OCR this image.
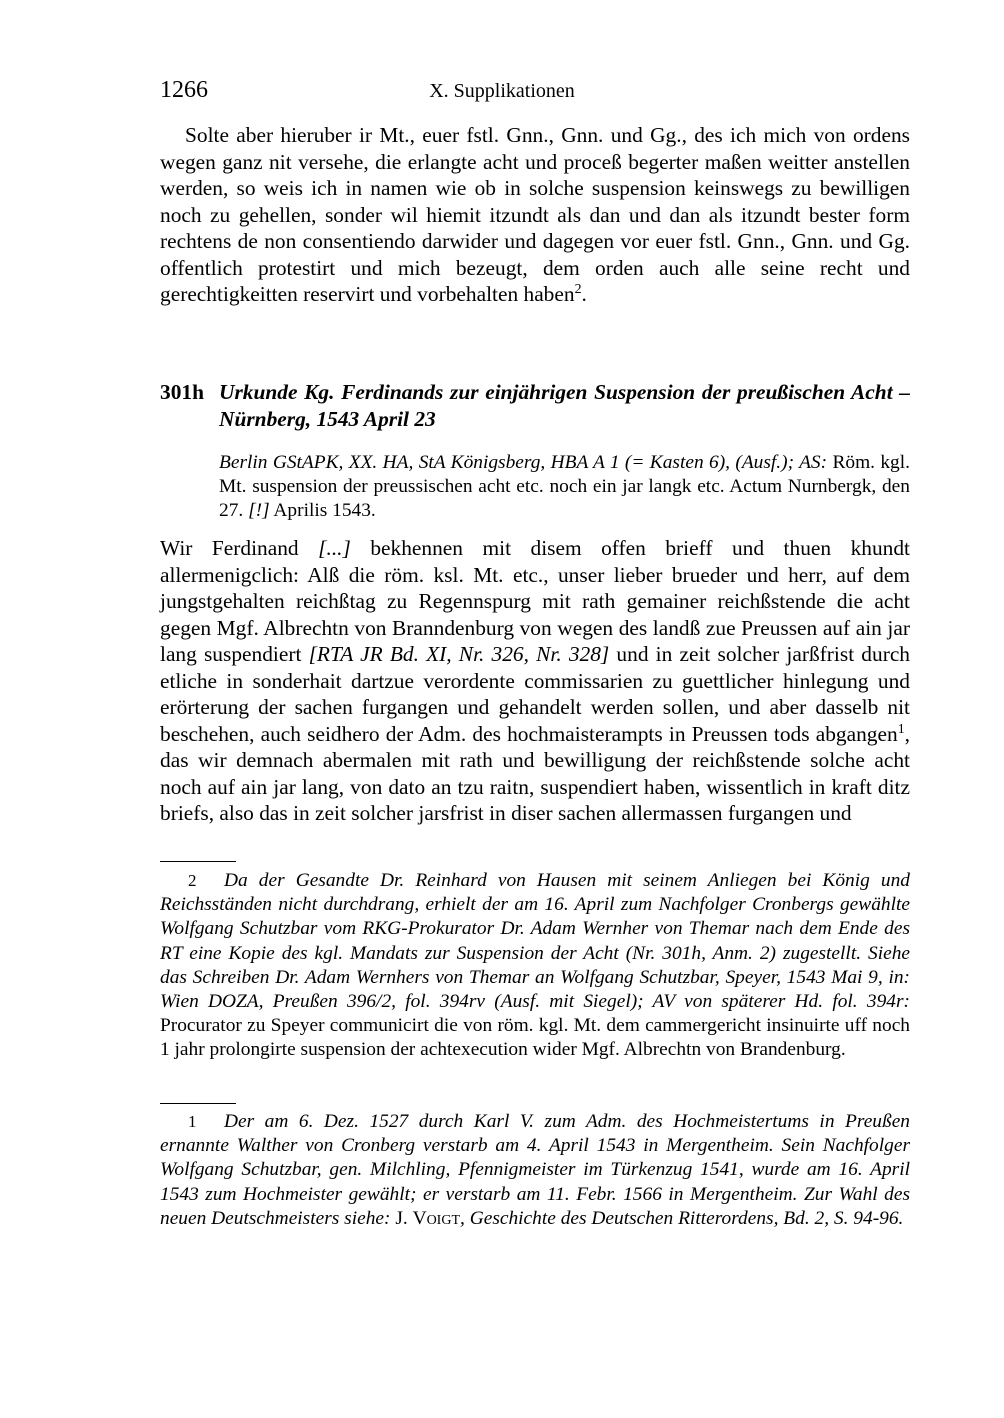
1266	X. Supplikationen

Solte aber hieruber ir Mt., euer fstl. Gnn., Gnn. und Gg., des ich mich von ordens wegen ganz nit versehe, die erlangte acht und proceß begerter maßen weitter anstellen werden, so weis ich in namen wie ob in solche suspension keinswegs zu bewilligen noch zu gehellen, sonder wil hiemit itzundt als dan und dan als itzundt bester form rechtens de non consentiendo darwider und dagegen vor euer fstl. Gnn., Gnn. und Gg. offentlich protestirt und mich bezeugt, dem orden auch alle seine recht und gerechtigkeitten reservirt und vorbehalten haben$^2$.

301h Urkunde Kg. Ferdinands zur einjährigen Suspension der preußischen Acht – Nürnberg, 1543 April 23

Berlin GStAPK, XX. HA, StA Königsberg, HBA A 1 (= Kasten 6), (Ausf.); AS: Röm. kgl. Mt. suspension der preussischen acht etc. noch ein jar langk etc. Actum Nurnbergk, den 27. [!] Aprilis 1543.

Wir Ferdinand [...] bekhennen mit disem offen brieff und thuen khundt allermenigclich: Alß die röm. ksl. Mt. etc., unser lieber brueder und herr, auf dem jungstgehalten reichßtag zu Regennspurg mit rath gemainer reichßstende die acht gegen Mgf. Albrechtn von Branndenburg von wegen des landß zue Preussen auf ain jar lang suspendiert [RTA JR Bd. XI, Nr. 326, Nr. 328] und in zeit solcher jarßfrist durch etliche in sonderhait dartzue verordente commissarien zu guettlicher hinlegung und erörterung der sachen furgangen und gehandelt werden sollen, und aber dasselb nit beschehen, auch seidhero der Adm. des hochmaisterampts in Preussen tods abgangen$^1$, das wir demnach abermalen mit rath und bewilligung der reichßstende solche acht noch auf ain jar lang, von dato an tzu raitn, suspendiert haben, wissentlich in kraft ditz briefs, also das in zeit solcher jarsfrist in diser sachen allermassen furgangen und

2 Da der Gesandte Dr. Reinhard von Hausen mit seinem Anliegen bei König und Reichsständen nicht durchdrang, erhielt der am 16. April zum Nachfolger Cronbergs gewählte Wolfgang Schutzbar vom RKG-Prokurator Dr. Adam Wernher von Themar nach dem Ende des RT eine Kopie des kgl. Mandats zur Suspension der Acht (Nr. 301h, Anm. 2) zugestellt. Siehe das Schreiben Dr. Adam Wernhers von Themar an Wolfgang Schutzbar, Speyer, 1543 Mai 9, in: Wien DOZA, Preußen 396/2, fol. 394rv (Ausf. mit Siegel); AV von späterer Hd. fol. 394r: Procurator zu Speyer communicirt die von röm. kgl. Mt. dem cammergericht insinuirte uff noch 1 jahr prolongirte suspension der achtexecution wider Mgf. Albrechtn von Brandenburg.

1 Der am 6. Dez. 1527 durch Karl V. zum Adm. des Hochmeistertums in Preußen ernannte Walther von Cronberg verstarb am 4. April 1543 in Mergentheim. Sein Nachfolger Wolfgang Schutzbar, gen. Milchling, Pfennigmeister im Türkenzug 1541, wurde am 16. April 1543 zum Hochmeister gewählt; er verstarb am 11. Febr. 1566 in Mergentheim. Zur Wahl des neuen Deutschmeisters siehe: J. Voigt, Geschichte des Deutschen Ritterordens, Bd. 2, S. 94-96.
